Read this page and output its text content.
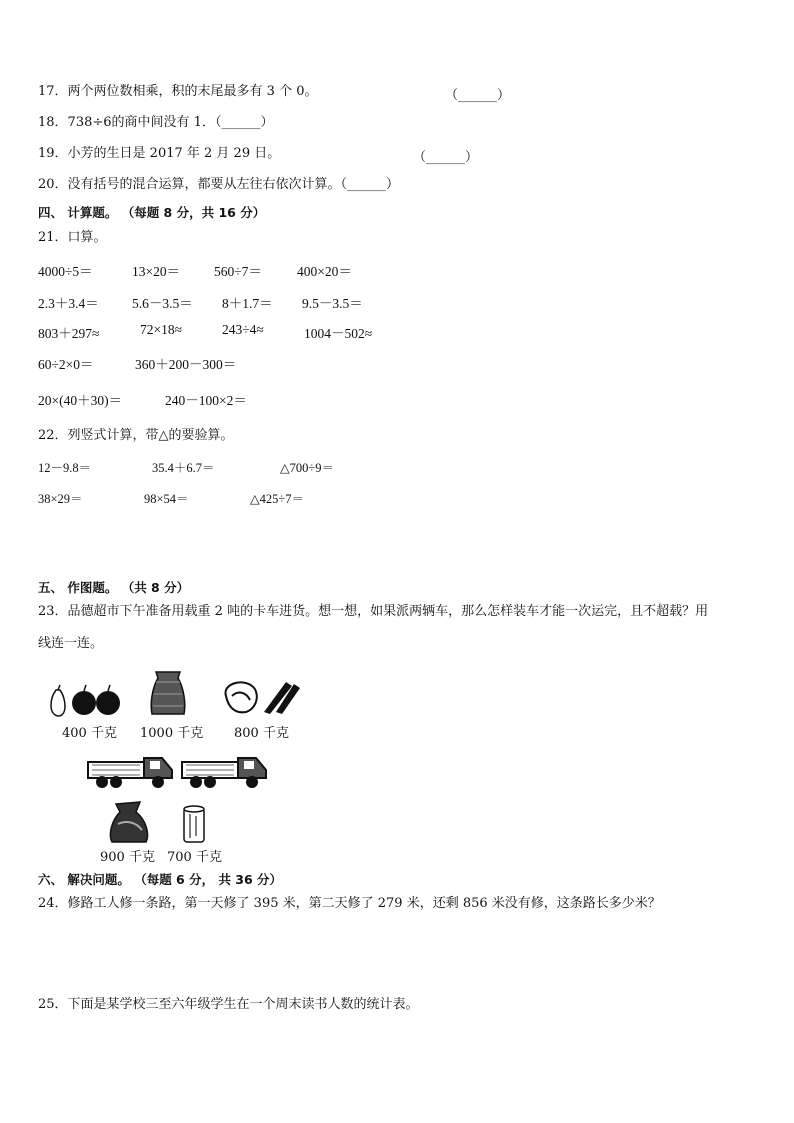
17．两个两位数相乘，积的末尾最多有 3 个 0。	（______）
18．738÷6的商中间没有 1．（______）
19．小芳的生日是 2017 年 2 月 29 日。	（______）
20．没有括号的混合运算，都要从左往右依次计算。（______）
四、 计算题。 （每题 8 分，共 16 分）
21．口算。
4000÷5＝	13×20＝	560÷7＝	400×20＝
2.3＋3.4＝ 5.6－3.5＝ 8＋1.7＝ 9.5－3.5＝
803＋297≈	72×18≈	243÷4≈	1004－502≈
60÷2×0＝	360＋200－300＝
20×(40＋30)＝	240－100×2＝
22．列竖式计算，带△的要验算。
12－9.8＝	35.4＋6.7＝	△700÷9＝
38×29＝	98×54＝	△425÷7＝
五、 作图题。 （共 8 分）
23．品德超市下午准备用载重 2 吨的卡车进货。想一想，如果派两辆车，那么怎样装车才能一次运完，且不超载？用
线连一连。
400 千克 1000 千克 800 千克
900 千克 700 千克
六、 解决问题。 （每题 6 分， 共 36 分）
24．修路工人修一条路，第一天修了 395 米，第二天修了 279 米，还剩 856 米没有修，这条路长多少米？
25．下面是某学校三至六年级学生在一个周末读书人数的统计表。
